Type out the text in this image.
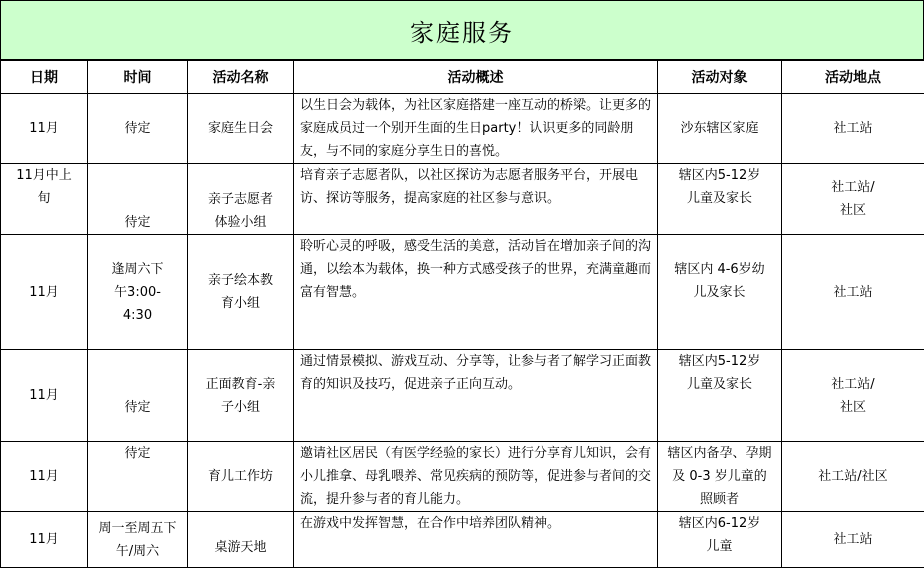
家庭服务
日期	时间	活动名称	活动概述	活动对象	活动地点
11月	待定	家庭生日会	以生日会为载体，为社区家庭搭建一座互动的桥梁。让更多的家庭成员过一个别开生面的生日party！认识更多的同龄朋友，与不同的家庭分享生日的喜悦。	沙东辖区家庭	社工站
11月中上旬	待定	亲子志愿者体验小组	培育亲子志愿者队，以社区探访为志愿者服务平台，开展电访、探访等服务，提高家庭的社区参与意识。	辖区内5-12岁儿童及家长	社工站/社区
11月	逢周六下午3:00-4:30	亲子绘本教育小组	聆听心灵的呼吸，感受生活的美意，活动旨在增加亲子间的沟通，以绘本为载体，换一种方式感受孩子的世界，充满童趣而富有智慧。	辖区内 4-6岁幼儿及家长	社工站
11月	待定	正面教育-亲子小组	通过情景模拟、游戏互动、分享等，让参与者了解学习正面教育的知识及技巧，促进亲子正向互动。	辖区内5-12岁儿童及家长	社工站/社区
11月	待定	育儿工作坊	邀请社区居民（有医学经验的家长）进行分享育儿知识，会有小儿推拿、母乳喂养、常见疾病的预防等，促进参与者间的交流，提升参与者的育儿能力。	辖区内备孕、孕期及 0-3 岁儿童的照顾者	社工站/社区
11月	周一至周五下午/周六	桌游天地	在游戏中发挥智慧，在合作中培养团队精神。	辖区内6-12岁儿童	社工站
